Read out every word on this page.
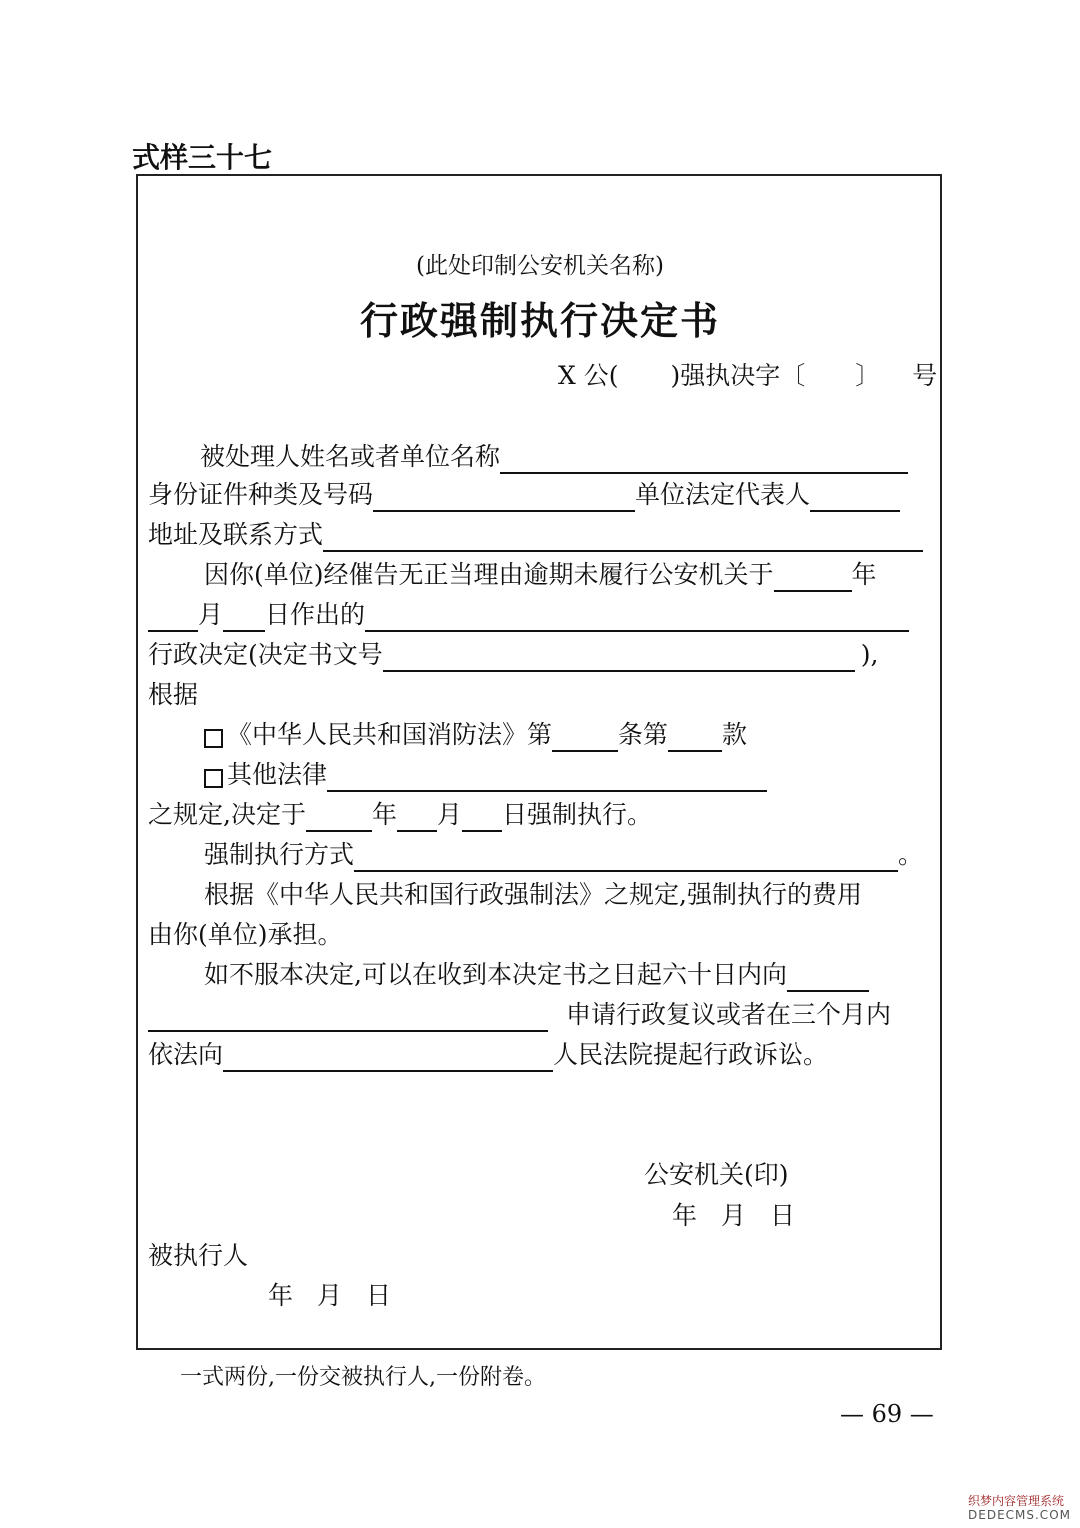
式样三十七
(此处印制公安机关名称)
行政强制执行决定书
X 公( )强执决字〔 〕 号
被处理人姓名或者单位名称
身份证件种类及号码	单位法定代表人
地址及联系方式
因你(单位)经催告无正当理由逾期未履行公安机关于	年
月 日作出的
行政决定(决定书文号	),
根据
《中华人民共和国消防法》第	条第 款
其他法律
之规定,决定于	年 月 日强制执行。
强制执行方式	。
根据《中华人民共和国行政强制法》之规定,强制执行的费用
由你(单位)承担。
如不服本决定,可以在收到本决定书之日起六十日内向
申请行政复议或者在三个月内
依法向	人民法院提起行政诉讼。
公安机关(印)
年 月 日
被执行人
年 月 日
一式两份,一份交被执行人,一份附卷。
— 69 —
织梦内容管理系统
DEDECMS.COM
